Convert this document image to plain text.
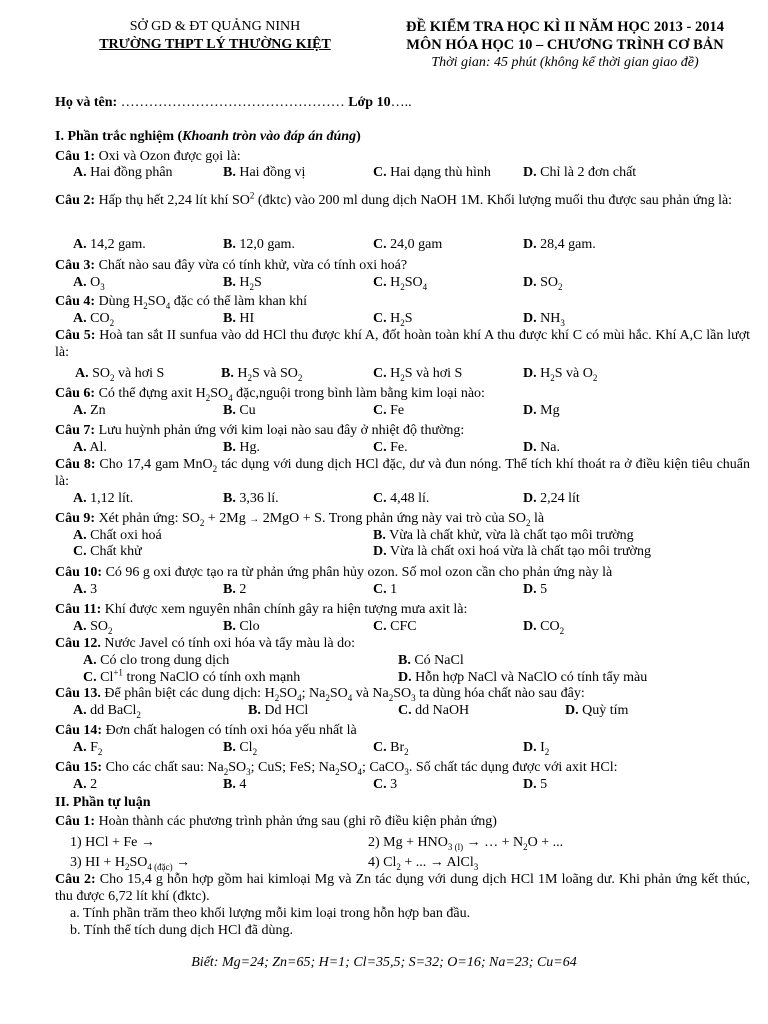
SỞ GD & ĐT QUẢNG NINH
TRƯỜNG THPT LÝ THƯỜNG KIỆT
ĐỀ KIỂM TRA HỌC KÌ II NĂM HỌC 2013 - 2014
MÔN HÓA HỌC 10 – CHƯƠNG TRÌNH CƠ BẢN
Thời gian: 45 phút (không kể thời gian giao đề)
Họ và tên: ………………………………………… Lớp 10…..
I. Phần trắc nghiệm (Khoanh tròn vào đáp án đúng)
Câu 1: Oxi và Ozon được gọi là:
A. Hai đồng phân	B. Hai đồng vị	C. Hai dạng thù hình D. Chỉ là 2 đơn chất
Câu 2: Hấp thụ hết 2,24 lít khí $SO^2$ (đktc) vào 200 ml dung dịch NaOH 1M. Khối lượng muối thu được sau phản ứng là:
A. 14,2 gam.	B. 12,0 gam.	C. 24,0 gam	D. 28,4 gam.
Câu 3: Chất nào sau đây vừa có tính khử, vừa có tính oxi hoá?
A. $O_3$	B. $H_2S$	C. $H_2SO_4$	D. $SO_2$
Câu 4: Dùng $H_2SO_4$ đặc có thể làm khan khí
A. $CO_2$	B. HI	C. $H_2S$	D. $NH_3$
Câu 5: Hoà tan sắt II sunfua vào dd HCl thu được khí A, đốt hoàn toàn khí A thu được khí C có mùi hắc. Khí A,C lần lượt là:
A. $SO_2$ và hơi S	B. $H_2S$ và $SO_2$	C. $H_2S$ và hơi S	D. $H_2S$ và $O_2$
Câu 6: Có thể đựng axit $H_2SO_4$ đặc,nguội trong bình làm bằng kim loại nào:
A. Zn	B. Cu	C. Fe	D. Mg
Câu 7: Lưu huỳnh phản ứng với kim loại nào sau đây ở nhiệt độ thường:
A. Al.	B. Hg.	C. Fe.	D. Na.
Câu 8: Cho 17,4 gam MnO$_2$ tác dụng với dung dịch HCl đặc, dư và đun nóng. Thể tích khí thoát ra ở điều kiện tiêu chuẩn là:
A. 1,12 lít.	B. 3,36 lí.	C. 4,48 lí.	D. 2,24 lít
Câu 9: Xét phản ứng: $SO_2 + 2Mg \to 2MgO + S$. Trong phản ứng này vai trò của $SO_2$ là
A. Chất oxi hoá	B. Vừa là chất khử, vừa là chất tạo môi trường
C. Chất khử	D. Vừa là chất oxi hoá vừa là chất tạo môi trường
Câu 10: Có 96 g oxi được tạo ra từ phản ứng phân hủy ozon. Số mol ozon cần cho phản ứng này là
A. 3	B. 2	C. 1	D. 5
Câu 11: Khí được xem nguyên nhân chính gây ra hiện tượng mưa axit là:
A. $SO_2$	B. Clo	C. CFC	D. $CO_2$
Câu 12. Nước Javel có tính oxi hóa và tẩy màu là do:
A. Có clo trong dung dịch	B. Có NaCl
C. $Cl^{+1}$ trong NaClO có tính oxh mạnh	D. Hỗn hợp NaCl và NaClO có tính tẩy màu
Câu 13. Để phân biệt các dung dịch: $H_2SO_4$; $Na_2SO_4$ và $Na_2SO_3$ ta dùng hóa chất nào sau đây:
A. dd BaCl$_2$	B. Dd HCl	C. dd NaOH	D. Quỳ tím
Câu 14: Đơn chất halogen có tính oxi hóa yếu nhất là
A. $F_2$	B. $Cl_2$	C. $Br_2$	D. $I_2$
Câu 15: Cho các chất sau: $Na_2SO_3$; CuS; FeS; $Na_2SO_4$; CaCO$_3$. Số chất tác dụng được với axit HCl:
A. 2	B. 4	C. 3	D. 5
II. Phần tự luận
Câu 1: Hoàn thành các phương trình phản ứng sau (ghi rõ điều kiện phản ứng)
1) HCl + Fe →	2) $Mg + HNO_{3 (l)}$ → … + $N_2O$ + ...
3) HI + $H_2SO_{4 (đặc)}$ →	4) $Cl_2$ + ... → AlCl$_3$
Câu 2: Cho 15,4 g hỗn hợp gồm hai kimloại Mg và Zn tác dụng với dung dịch HCl 1M loãng dư. Khi phản ứng kết thúc, thu được 6,72 lít khí (đktc).
a. Tính phần trăm theo khối lượng mỗi kim loại trong hỗn hợp ban đầu.
b. Tính thể tích dung dịch HCl đã dùng.
Biết: Mg=24; Zn=65; H=1; Cl=35,5; S=32; O=16; Na=23; Cu=64
